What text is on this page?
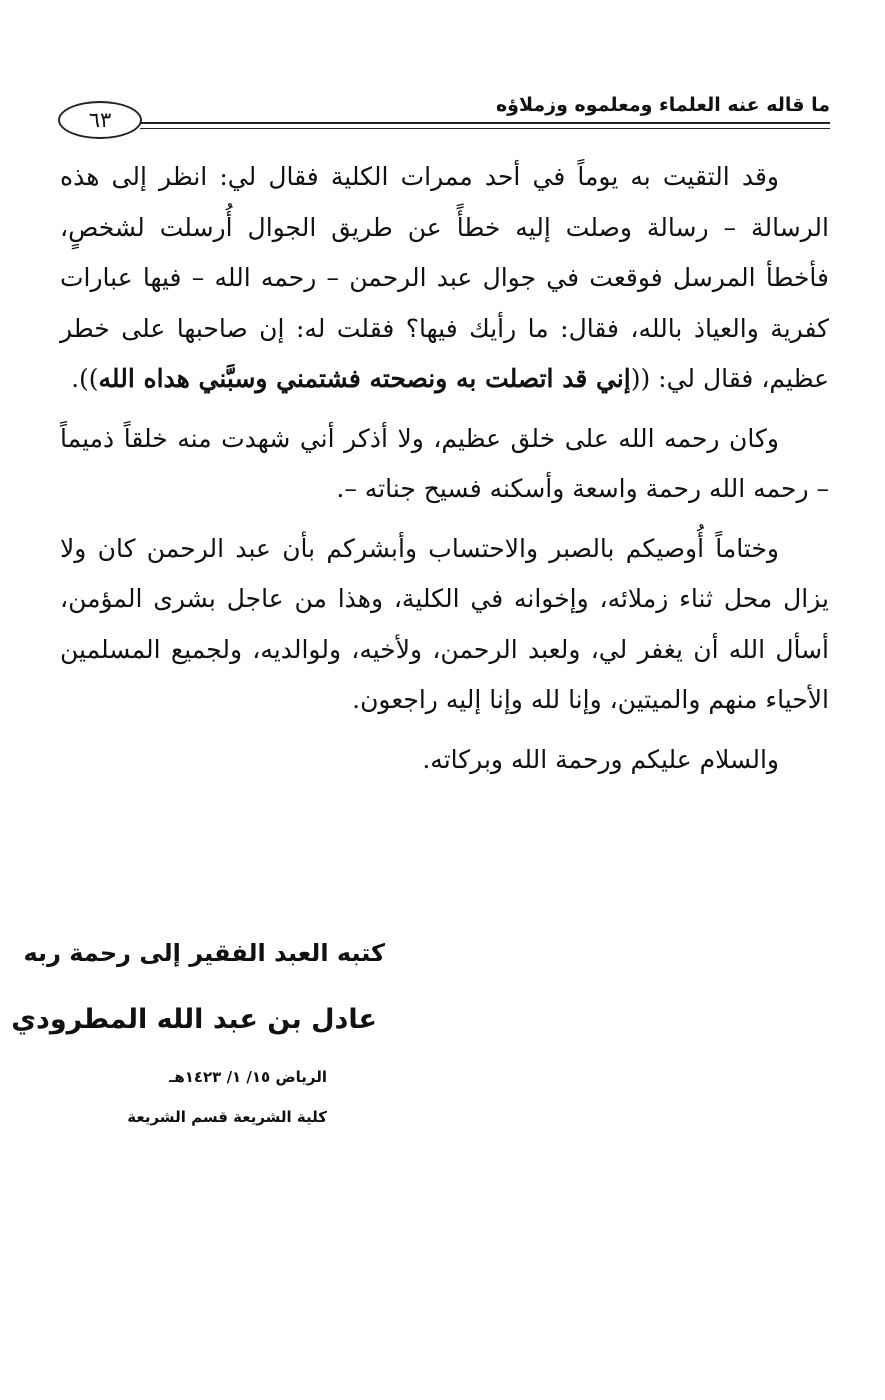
ما قاله عنه العلماء ومعلموه وزملاؤه
٦٣

وقد التقيت به يوماً في أحد ممرات الكلية فقال لي: انظر إلى هذه الرسالة – رسالة وصلت إليه خطأً عن طريق الجوال أُرسلت لشخصٍ، فأخطأ المرسل فوقعت في جوال عبد الرحمن – رحمه الله – فيها عبارات كفرية والعياذ بالله، فقال: ما رأيك فيها؟ فقلت له: إن صاحبها على خطر عظيم، فقال لي: ((إني قد اتصلت به ونصحته فشتمني وسبَّني هداه الله)).

وكان رحمه الله على خلق عظيم، ولا أذكر أني شهدت منه خلقاً ذميماً – رحمه الله رحمة واسعة وأسكنه فسيح جناته –.

وختاماً أُوصيكم بالصبر والاحتساب وأبشركم بأن عبد الرحمن كان ولا يزال محل ثناء زملائه، وإخوانه في الكلية، وهذا من عاجل بشرى المؤمن، أسأل الله أن يغفر لي، ولعبد الرحمن، ولأخيه، ولوالديه، ولجميع المسلمين الأحياء منهم والميتين، وإنا لله وإنا إليه راجعون.

والسلام عليكم ورحمة الله وبركاته.

كتبه العبد الفقير إلى رحمة ربه
عادل بن عبد الله المطرودي
الرياض ١٥/ ١/ ١٤٢٣هـ
كلية الشريعة قسم الشريعة
